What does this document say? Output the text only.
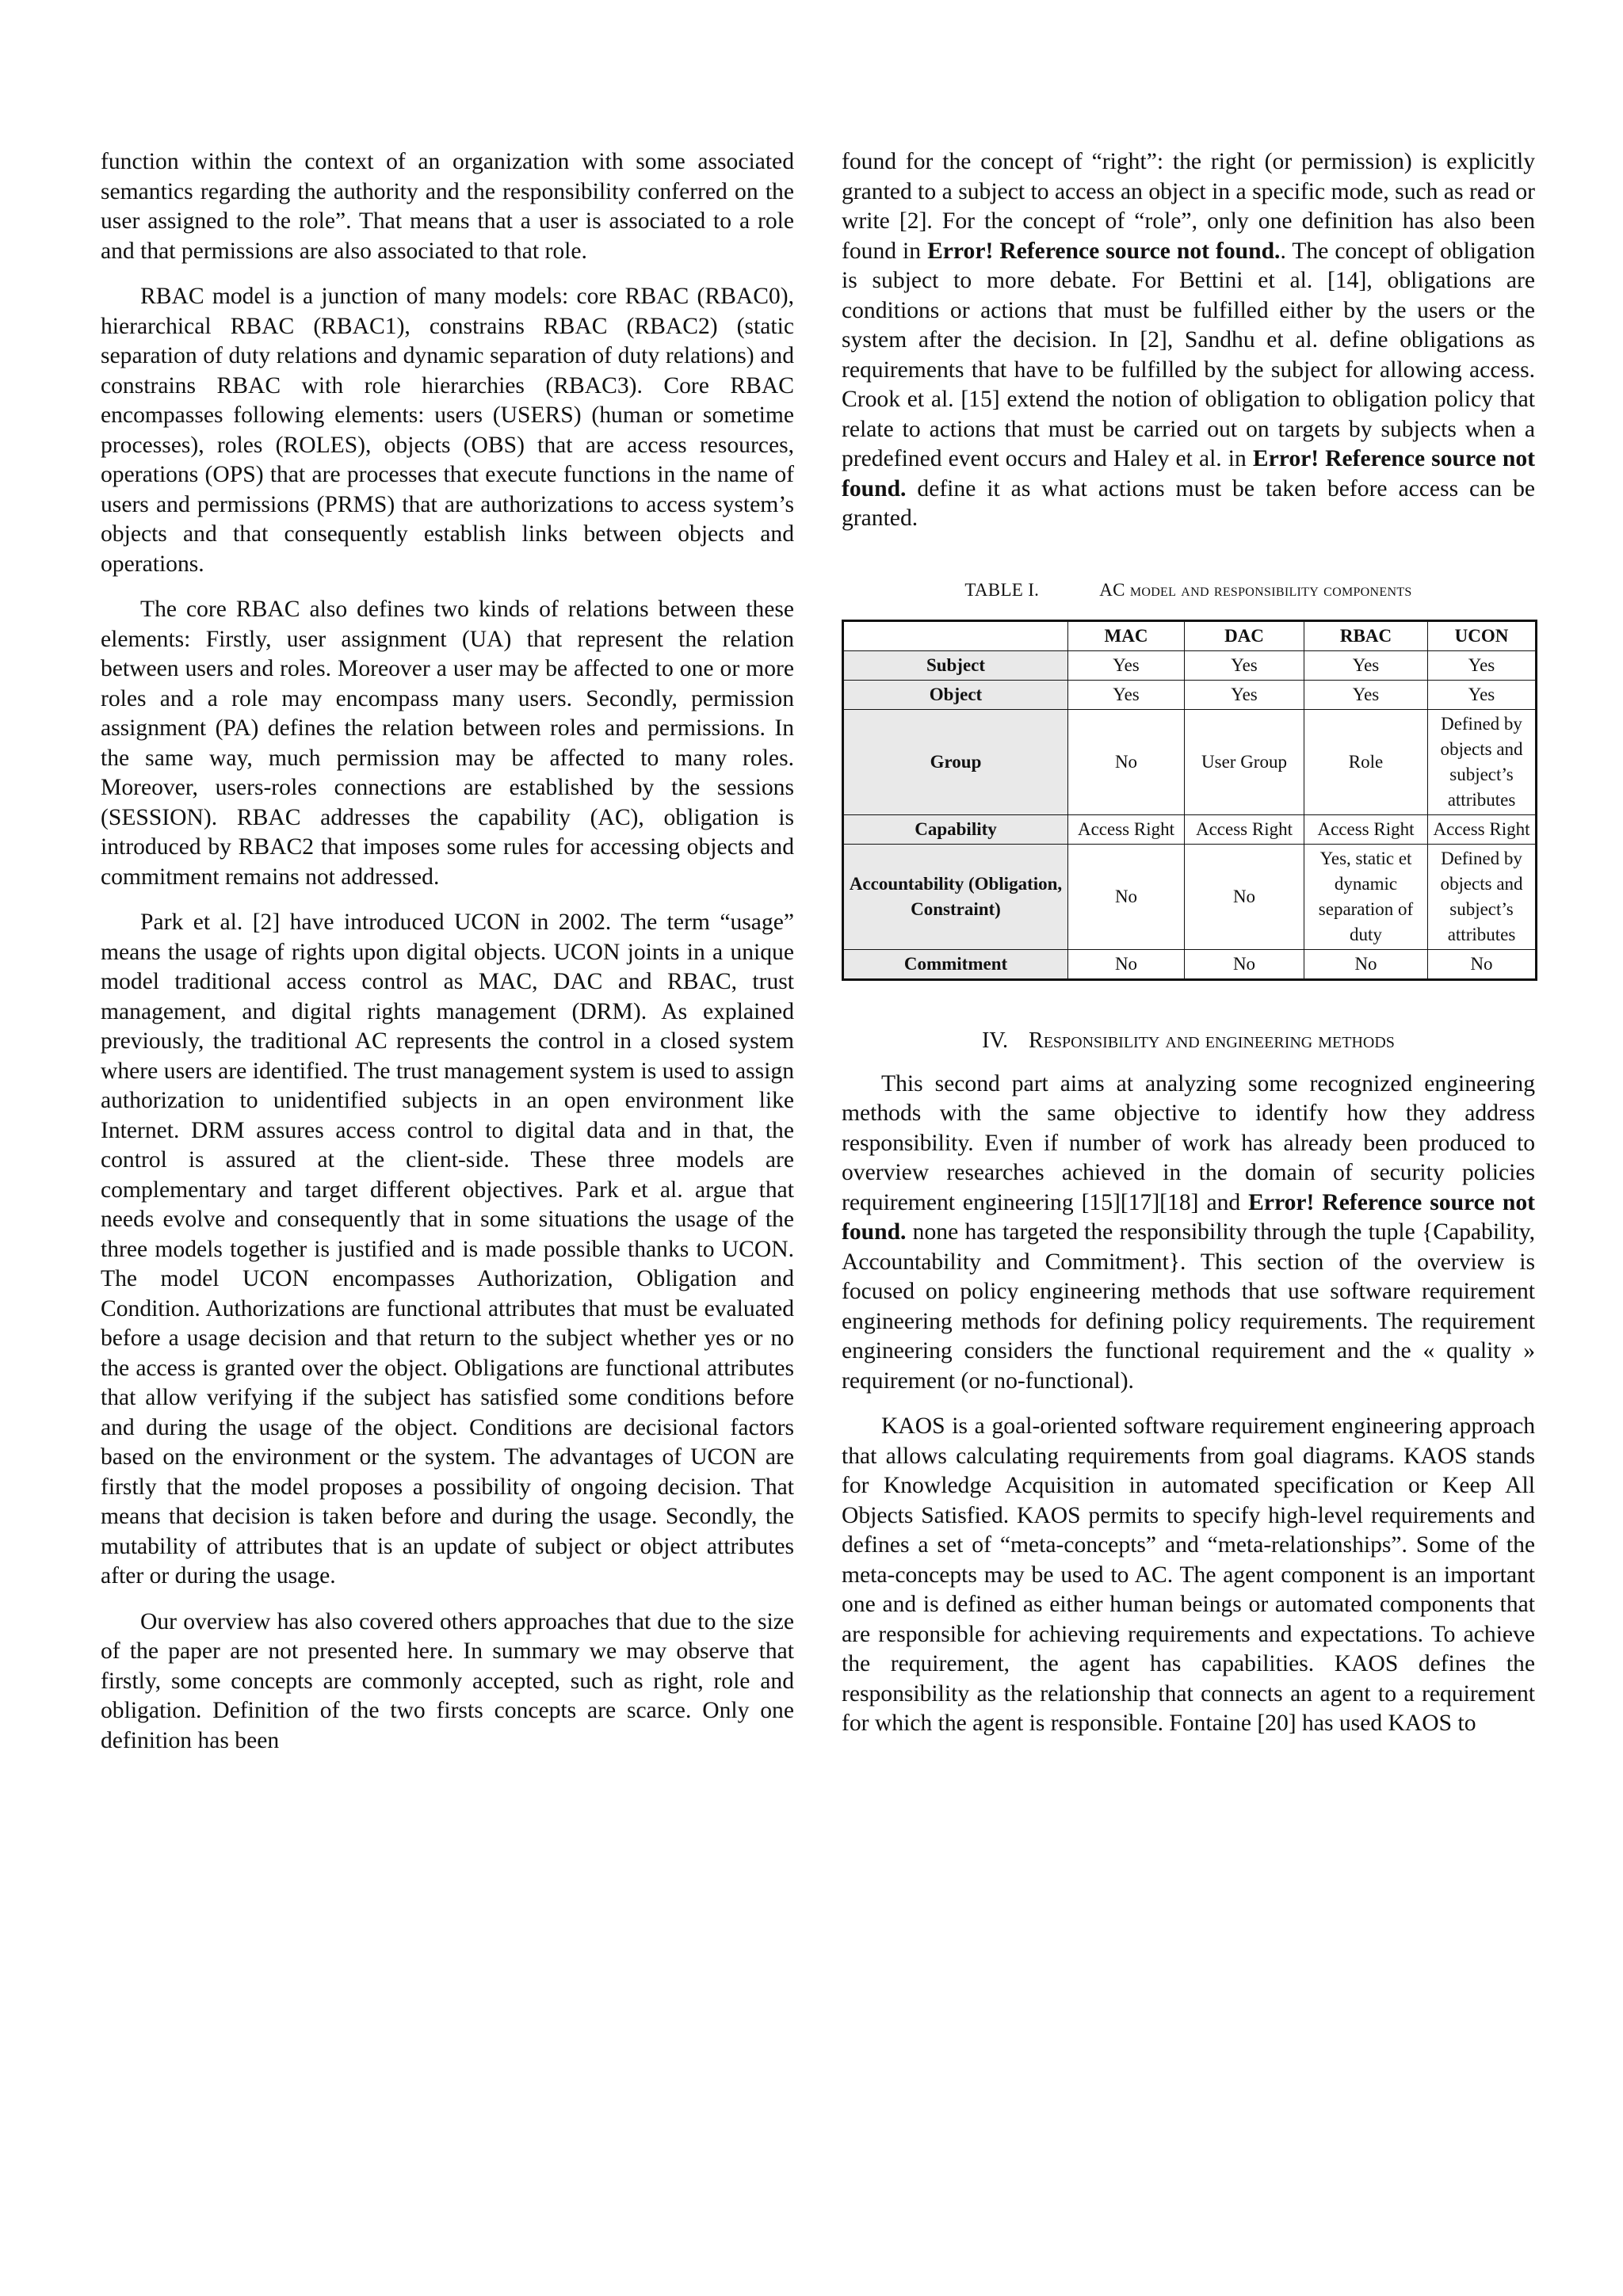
function within the context of an organization with some associated semantics regarding the authority and the responsibility conferred on the user assigned to the role”. That means that a user is associated to a role and that permissions are also associated to that role.

RBAC model is a junction of many models: core RBAC (RBAC0), hierarchical RBAC (RBAC1), constrains RBAC (RBAC2) (static separation of duty relations and dynamic separation of duty relations) and constrains RBAC with role hierarchies (RBAC3). Core RBAC encompasses following elements: users (USERS) (human or sometime processes), roles (ROLES), objects (OBS) that are access resources, operations (OPS) that are processes that execute functions in the name of users and permissions (PRMS) that are authorizations to access system’s objects and that consequently establish links between objects and operations.

The core RBAC also defines two kinds of relations between these elements: Firstly, user assignment (UA) that represent the relation between users and roles. Moreover a user may be affected to one or more roles and a role may encompass many users. Secondly, permission assignment (PA) defines the relation between roles and permissions. In the same way, much permission may be affected to many roles. Moreover, users-roles connections are established by the sessions (SESSION). RBAC addresses the capability (AC), obligation is introduced by RBAC2 that imposes some rules for accessing objects and commitment remains not addressed.

Park et al. [2] have introduced UCON in 2002. The term “usage” means the usage of rights upon digital objects. UCON joints in a unique model traditional access control as MAC, DAC and RBAC, trust management, and digital rights management (DRM). As explained previously, the traditional AC represents the control in a closed system where users are identified. The trust management system is used to assign authorization to unidentified subjects in an open environment like Internet. DRM assures access control to digital data and in that, the control is assured at the client-side. These three models are complementary and target different objectives. Park et al. argue that needs evolve and consequently that in some situations the usage of the three models together is justified and is made possible thanks to UCON. The model UCON encompasses Authorization, Obligation and Condition. Authorizations are functional attributes that must be evaluated before a usage decision and that return to the subject whether yes or no the access is granted over the object. Obligations are functional attributes that allow verifying if the subject has satisfied some conditions before and during the usage of the object. Conditions are decisional factors based on the environment or the system. The advantages of UCON are firstly that the model proposes a possibility of ongoing decision. That means that decision is taken before and during the usage. Secondly, the mutability of attributes that is an update of subject or object attributes after or during the usage.

Our overview has also covered others approaches that due to the size of the paper are not presented here. In summary we may observe that firstly, some concepts are commonly accepted, such as right, role and obligation. Definition of the two firsts concepts are scarce. Only one definition has been

found for the concept of “right”: the right (or permission) is explicitly granted to a subject to access an object in a specific mode, such as read or write [2]. For the concept of “role”, only one definition has also been found in Error! Reference source not found.. The concept of obligation is subject to more debate. For Bettini et al. [14], obligations are conditions or actions that must be fulfilled either by the users or the system after the decision. In [2], Sandhu et al. define obligations as requirements that have to be fulfilled by the subject for allowing access. Crook et al. [15] extend the notion of obligation to obligation policy that relate to actions that must be carried out on targets by subjects when a predefined event occurs and Haley et al. in Error! Reference source not found. define it as what actions must be taken before access can be granted.

TABLE I.	AC model and responsibility components
	MAC	DAC	RBAC	UCON
Subject	Yes	Yes	Yes	Yes
Object	Yes	Yes	Yes	Yes
Group	No	User Group	Role	Defined by objects and subject’s attributes
Capability	Access Right	Access Right	Access Right	Access Right
Accountability (Obligation, Constraint)	No	No	Yes, static et dynamic separation of duty	Defined by objects and subject’s attributes
Commitment	No	No	No	No
IV. Responsibility and engineering methods

This second part aims at analyzing some recognized engineering methods with the same objective to identify how they address responsibility. Even if number of work has already been produced to overview researches achieved in the domain of security policies requirement engineering [15][17][18] and Error! Reference source not found. none has targeted the responsibility through the tuple {Capability, Accountability and Commitment}. This section of the overview is focused on policy engineering methods that use software requirement engineering methods for defining policy requirements. The requirement engineering considers the functional requirement and the « quality » requirement (or no-functional).

KAOS is a goal-oriented software requirement engineering approach that allows calculating requirements from goal diagrams. KAOS stands for Knowledge Acquisition in automated specification or Keep All Objects Satisfied. KAOS permits to specify high-level requirements and defines a set of “meta-concepts” and “meta-relationships”. Some of the meta-concepts may be used to AC. The agent component is an important one and is defined as either human beings or automated components that are responsible for achieving requirements and expectations. To achieve the requirement, the agent has capabilities. KAOS defines the responsibility as the relationship that connects an agent to a requirement for which the agent is responsible. Fontaine [20] has used KAOS to
